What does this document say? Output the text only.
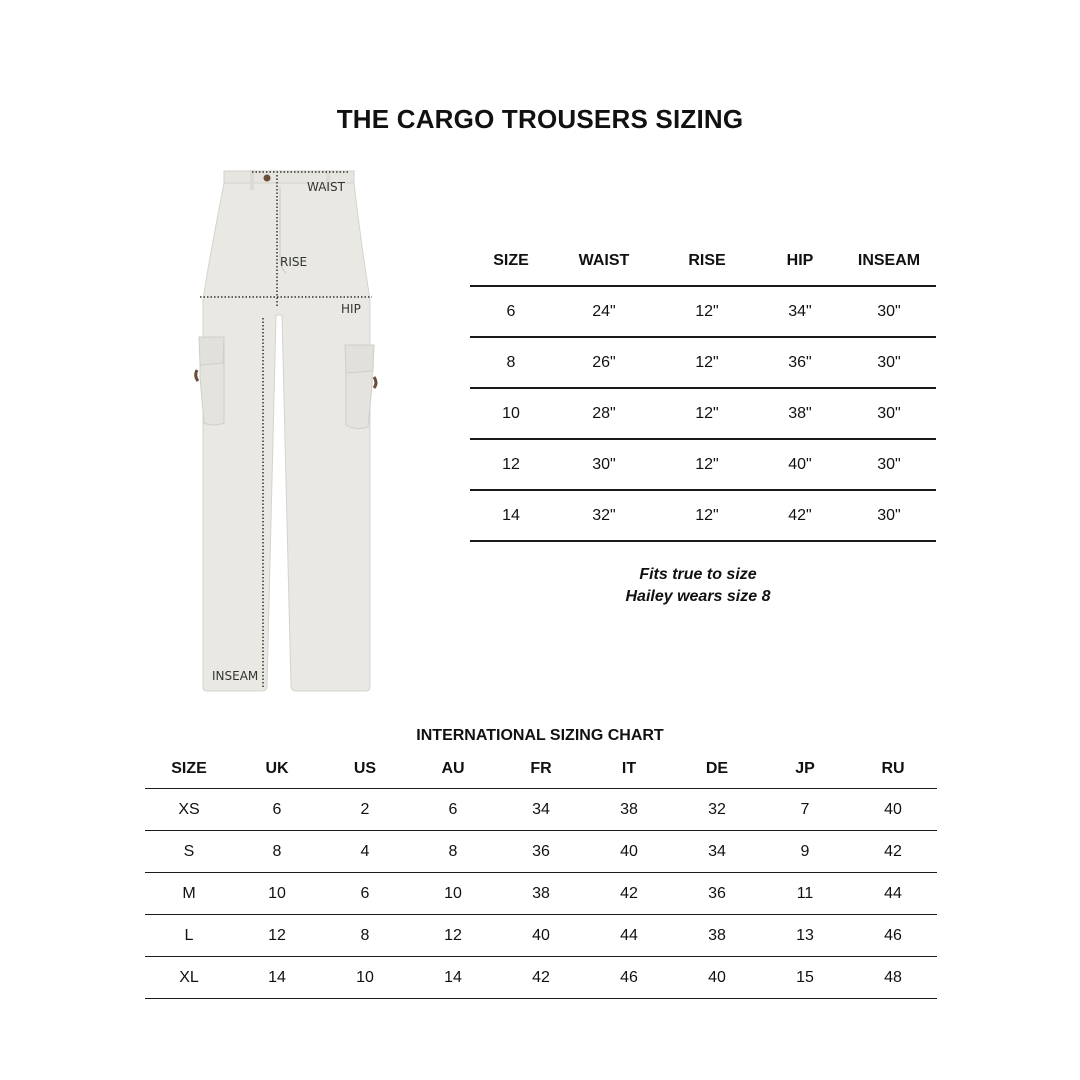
THE CARGO TROUSERS SIZING
WAIST
RISE
HIP
INSEAM
SIZE	WAIST	RISE	HIP	INSEAM
6	24"	12"	34"	30"
8	26"	12"	36"	30"
10	28"	12"	38"	30"
12	30"	12"	40"	30"
14	32"	12"	42"	30"
Fits true to size
Hailey wears size 8
INTERNATIONAL SIZING CHART
SIZE	UK	US	AU	FR	IT	DE	JP	RU
XS	6	2	6	34	38	32	7	40
S	8	4	8	36	40	34	9	42
M	10	6	10	38	42	36	11	44
L	12	8	12	40	44	38	13	46
XL	14	10	14	42	46	40	15	48
